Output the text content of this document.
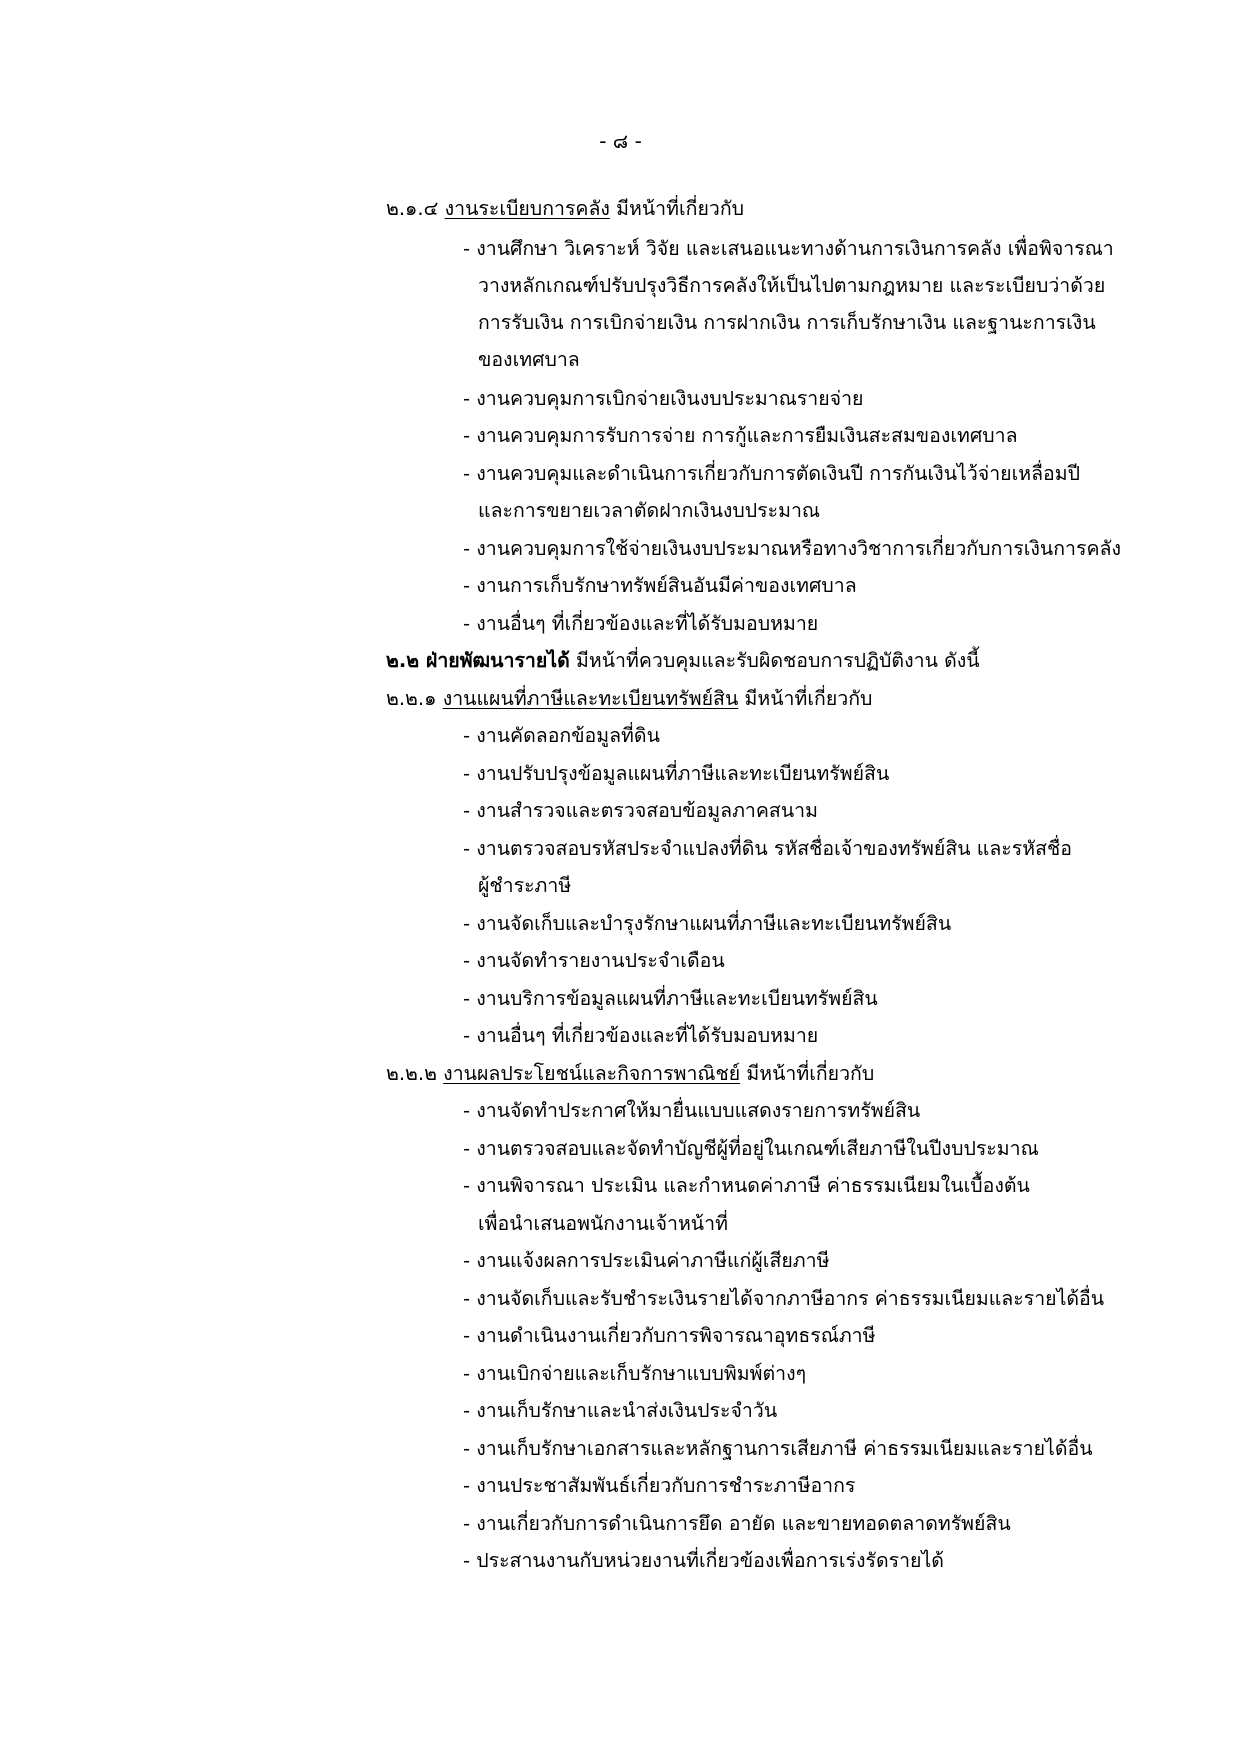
- ๘ -
๒.๑.๔ งานระเบียบการคลัง มีหน้าที่เกี่ยวกับ
- งานศึกษา วิเคราะห์ วิจัย และเสนอแนะทางด้านการเงินการคลัง เพื่อพิจารณา
วางหลักเกณฑ์ปรับปรุงวิธีการคลังให้เป็นไปตามกฎหมาย และระเบียบว่าด้วย
การรับเงิน การเบิกจ่ายเงิน การฝากเงิน การเก็บรักษาเงิน และฐานะการเงิน
ของเทศบาล
- งานควบคุมการเบิกจ่ายเงินงบประมาณรายจ่าย
- งานควบคุมการรับการจ่าย การกู้และการยืมเงินสะสมของเทศบาล
- งานควบคุมและดำเนินการเกี่ยวกับการตัดเงินปี การกันเงินไว้จ่ายเหลื่อมปี
และการขยายเวลาตัดฝากเงินงบประมาณ
- งานควบคุมการใช้จ่ายเงินงบประมาณหรือทางวิชาการเกี่ยวกับการเงินการคลัง
- งานการเก็บรักษาทรัพย์สินอันมีค่าของเทศบาล
- งานอื่นๆ ที่เกี่ยวข้องและที่ได้รับมอบหมาย
๒.๒ ฝ่ายพัฒนารายได้ มีหน้าที่ควบคุมและรับผิดชอบการปฏิบัติงาน ดังนี้
๒.๒.๑ งานแผนที่ภาษีและทะเบียนทรัพย์สิน มีหน้าที่เกี่ยวกับ
- งานคัดลอกข้อมูลที่ดิน
- งานปรับปรุงข้อมูลแผนที่ภาษีและทะเบียนทรัพย์สิน
- งานสำรวจและตรวจสอบข้อมูลภาคสนาม
- งานตรวจสอบรหัสประจำแปลงที่ดิน รหัสชื่อเจ้าของทรัพย์สิน และรหัสชื่อ
ผู้ชำระภาษี
- งานจัดเก็บและบำรุงรักษาแผนที่ภาษีและทะเบียนทรัพย์สิน
- งานจัดทำรายงานประจำเดือน
- งานบริการข้อมูลแผนที่ภาษีและทะเบียนทรัพย์สิน
- งานอื่นๆ ที่เกี่ยวข้องและที่ได้รับมอบหมาย
๒.๒.๒ งานผลประโยชน์และกิจการพาณิชย์ มีหน้าที่เกี่ยวกับ
- งานจัดทำประกาศให้มายื่นแบบแสดงรายการทรัพย์สิน
- งานตรวจสอบและจัดทำบัญชีผู้ที่อยู่ในเกณฑ์เสียภาษีในปีงบประมาณ
- งานพิจารณา ประเมิน และกำหนดค่าภาษี ค่าธรรมเนียมในเบื้องต้น
เพื่อนำเสนอพนักงานเจ้าหน้าที่
- งานแจ้งผลการประเมินค่าภาษีแก่ผู้เสียภาษี
- งานจัดเก็บและรับชำระเงินรายได้จากภาษีอากร ค่าธรรมเนียมและรายได้อื่น
- งานดำเนินงานเกี่ยวกับการพิจารณาอุทธรณ์ภาษี
- งานเบิกจ่ายและเก็บรักษาแบบพิมพ์ต่างๆ
- งานเก็บรักษาและนำส่งเงินประจำวัน
- งานเก็บรักษาเอกสารและหลักฐานการเสียภาษี ค่าธรรมเนียมและรายได้อื่น
- งานประชาสัมพันธ์เกี่ยวกับการชำระภาษีอากร
- งานเกี่ยวกับการดำเนินการยึด อายัด และขายทอดตลาดทรัพย์สิน
- ประสานงานกับหน่วยงานที่เกี่ยวข้องเพื่อการเร่งรัดรายได้
